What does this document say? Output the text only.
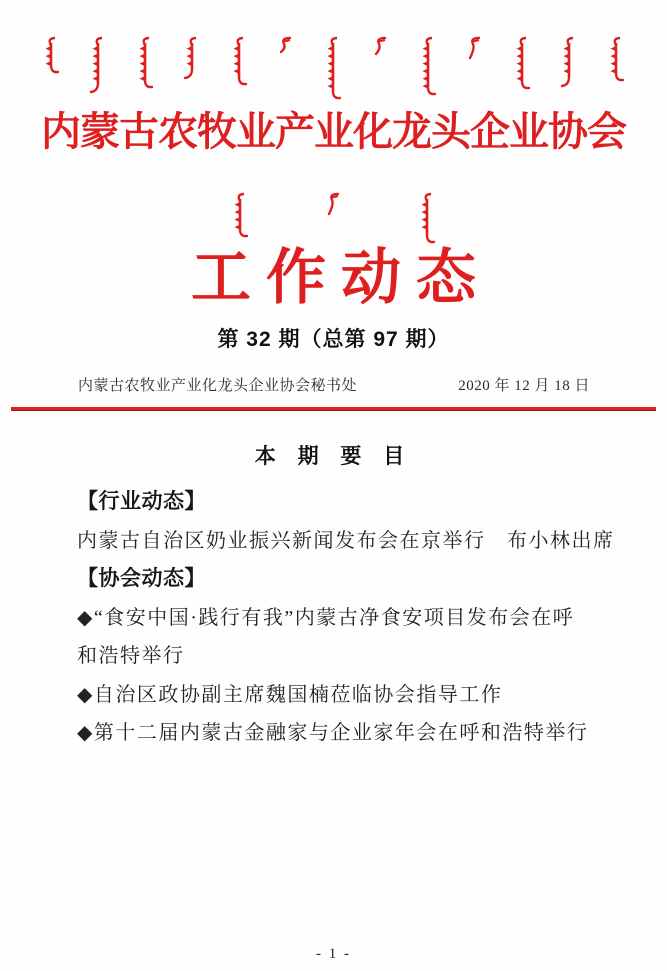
内蒙古农牧业产业化龙头企业协会
工作动态
第 32 期（总第 97 期）
内蒙古农牧业产业化龙头企业协会秘书处	2020 年 12 月 18 日
本 期 要 目
【行业动态】
内蒙古自治区奶业振兴新闻发布会在京举行　布小林出席
【协会动态】
◆“食安中国·践行有我”内蒙古净食安项目发布会在呼
和浩特举行
◆自治区政协副主席魏国楠莅临协会指导工作
◆第十二届内蒙古金融家与企业家年会在呼和浩特举行
- 1 -
